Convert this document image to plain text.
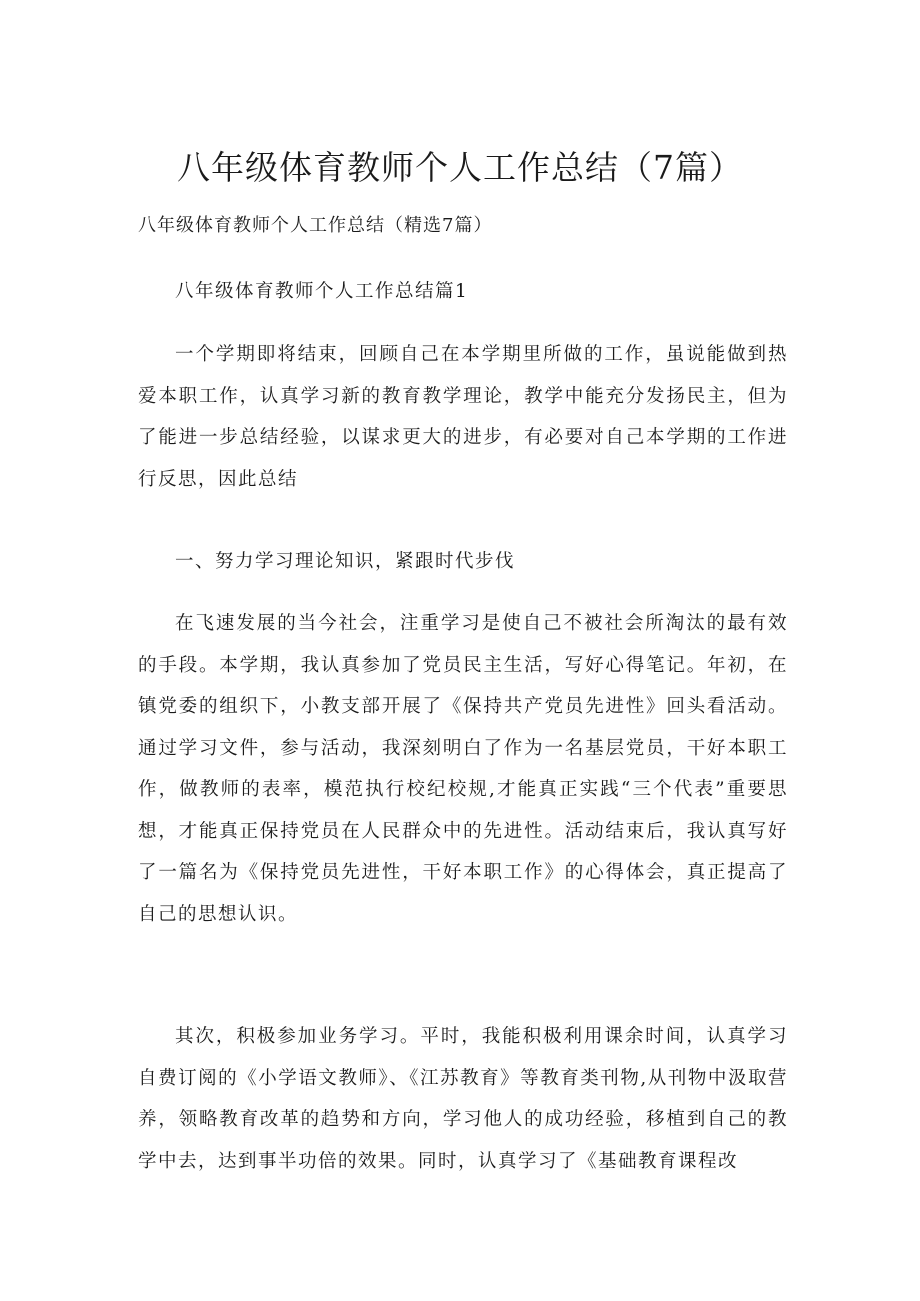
八年级体育教师个人工作总结（7篇）

八年级体育教师个人工作总结（精选7篇）

八年级体育教师个人工作总结篇1

一个学期即将结束，回顾自己在本学期里所做的工作，虽说能做到热爱本职工作，认真学习新的教育教学理论，教学中能充分发扬民主，但为了能进一步总结经验，以谋求更大的进步，有必要对自己本学期的工作进行反思，因此总结

一、努力学习理论知识，紧跟时代步伐

在飞速发展的当今社会，注重学习是使自己不被社会所淘汰的最有效的手段。本学期，我认真参加了党员民主生活，写好心得笔记。年初，在镇党委的组织下，小教支部开展了《保持共产党员先进性》回头看活动。通过学习文件，参与活动，我深刻明白了作为一名基层党员，干好本职工作，做教师的表率，模范执行校纪校规,才能真正实践“三个代表”重要思想，才能真正保持党员在人民群众中的先进性。活动结束后，我认真写好了一篇名为《保持党员先进性，干好本职工作》的心得体会，真正提高了自己的思想认识。

其次，积极参加业务学习。平时，我能积极利用课余时间，认真学习自费订阅的《小学语文教师》、《江苏教育》等教育类刊物,从刊物中汲取营养，领略教育改革的趋势和方向，学习他人的成功经验，移植到自己的教学中去，达到事半功倍的效果。同时，认真学习了《基础教育课程改
